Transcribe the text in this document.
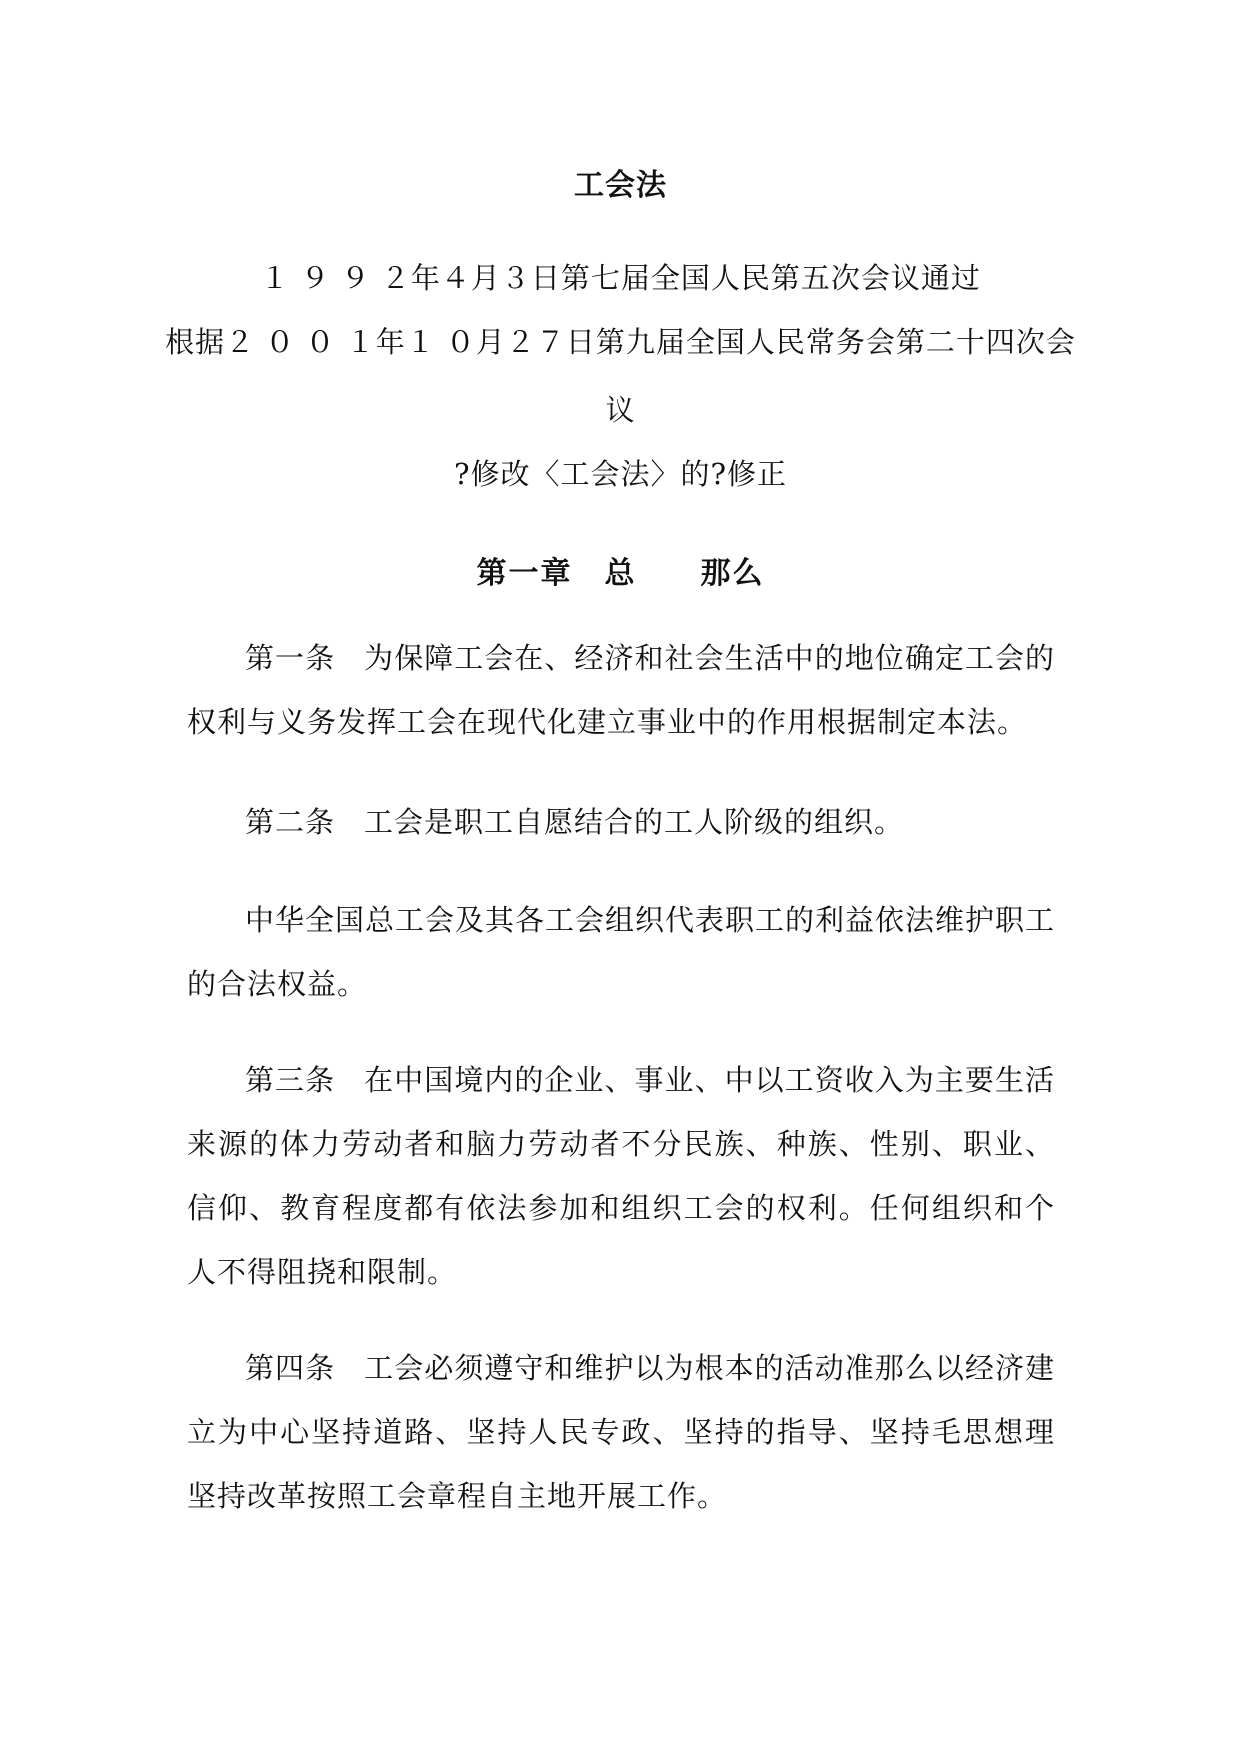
工会法
１ ９ ９ ２年４月３日第七届全国人民第五次会议通过
根据２ ０ ０ １年１ ０月２７日第九届全国人民常务会第二十四次会
议
?修改〈工会法〉的?修正
第一章　总　　那么

第一条 为保障工会在、经济和社会生活中的地位确定工会的权利与义务发挥工会在现代化建立事业中的作用根据制定本法。

第二条 工会是职工自愿结合的工人阶级的组织。

中华全国总工会及其各工会组织代表职工的利益依法维护职工的合法权益。

第三条 在中国境内的企业、事业、中以工资收入为主要生活来源的体力劳动者和脑力劳动者不分民族、种族、性别、职业、信仰、教育程度都有依法参加和组织工会的权利。任何组织和个人不得阻挠和限制。

第四条 工会必须遵守和维护以为根本的活动准那么以经济建立为中心坚持道路、坚持人民专政、坚持的指导、坚持毛思想理坚持改革按照工会章程自主地开展工作。
